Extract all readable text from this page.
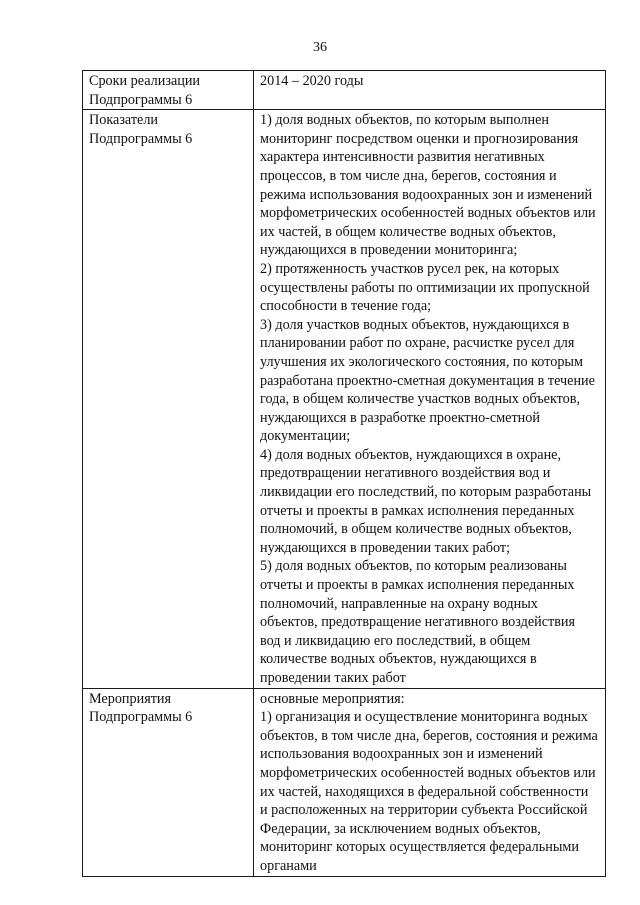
36
Сроки реализации
Подпрограммы 6	2014 – 2020 годы

Показатели
Подпрограммы 6	1) доля водных объектов, по которым выполнен мониторинг посредством оценки и прогнозирования характера интенсивности развития негативных процессов, в том числе дна, берегов, состояния и режима использования водоохранных зон и изменений морфометрических особенностей водных объектов или их частей, в общем количестве водных объектов, нуждающихся в проведении мониторинга;
2) протяженность участков русел рек, на которых осуществлены работы по оптимизации их пропускной способности в течение года;
3) доля участков водных объектов, нуждающихся в планировании работ по охране, расчистке русел для улучшения их экологического состояния, по которым разработана проектно-сметная документация в течение года, в общем количестве участков водных объектов, нуждающихся в разработке проектно-сметной документации;
4) доля водных объектов, нуждающихся в охране, предотвращении негативного воздействия вод и ликвидации его последствий, по которым разработаны отчеты и проекты в рамках исполнения переданных полномочий, в общем количестве водных объектов, нуждающихся в проведении таких работ;
5) доля водных объектов, по которым реализованы отчеты и проекты в рамках исполнения переданных полномочий, направленные на охрану водных объектов, предотвращение негативного воздействия вод и ликвидацию его последствий, в общем количестве водных объектов, нуждающихся в проведении таких работ

Мероприятия
Подпрограммы 6	основные мероприятия:
1) организация и осуществление мониторинга водных объектов, в том числе дна, берегов, состояния и режима использования водоохранных зон и изменений морфометрических особенностей водных объектов или их частей, находящихся в федеральной собственности и расположенных на территории субъекта Российской Федерации, за исключением водных объектов, мониторинг которых осуществляется федеральными органами
